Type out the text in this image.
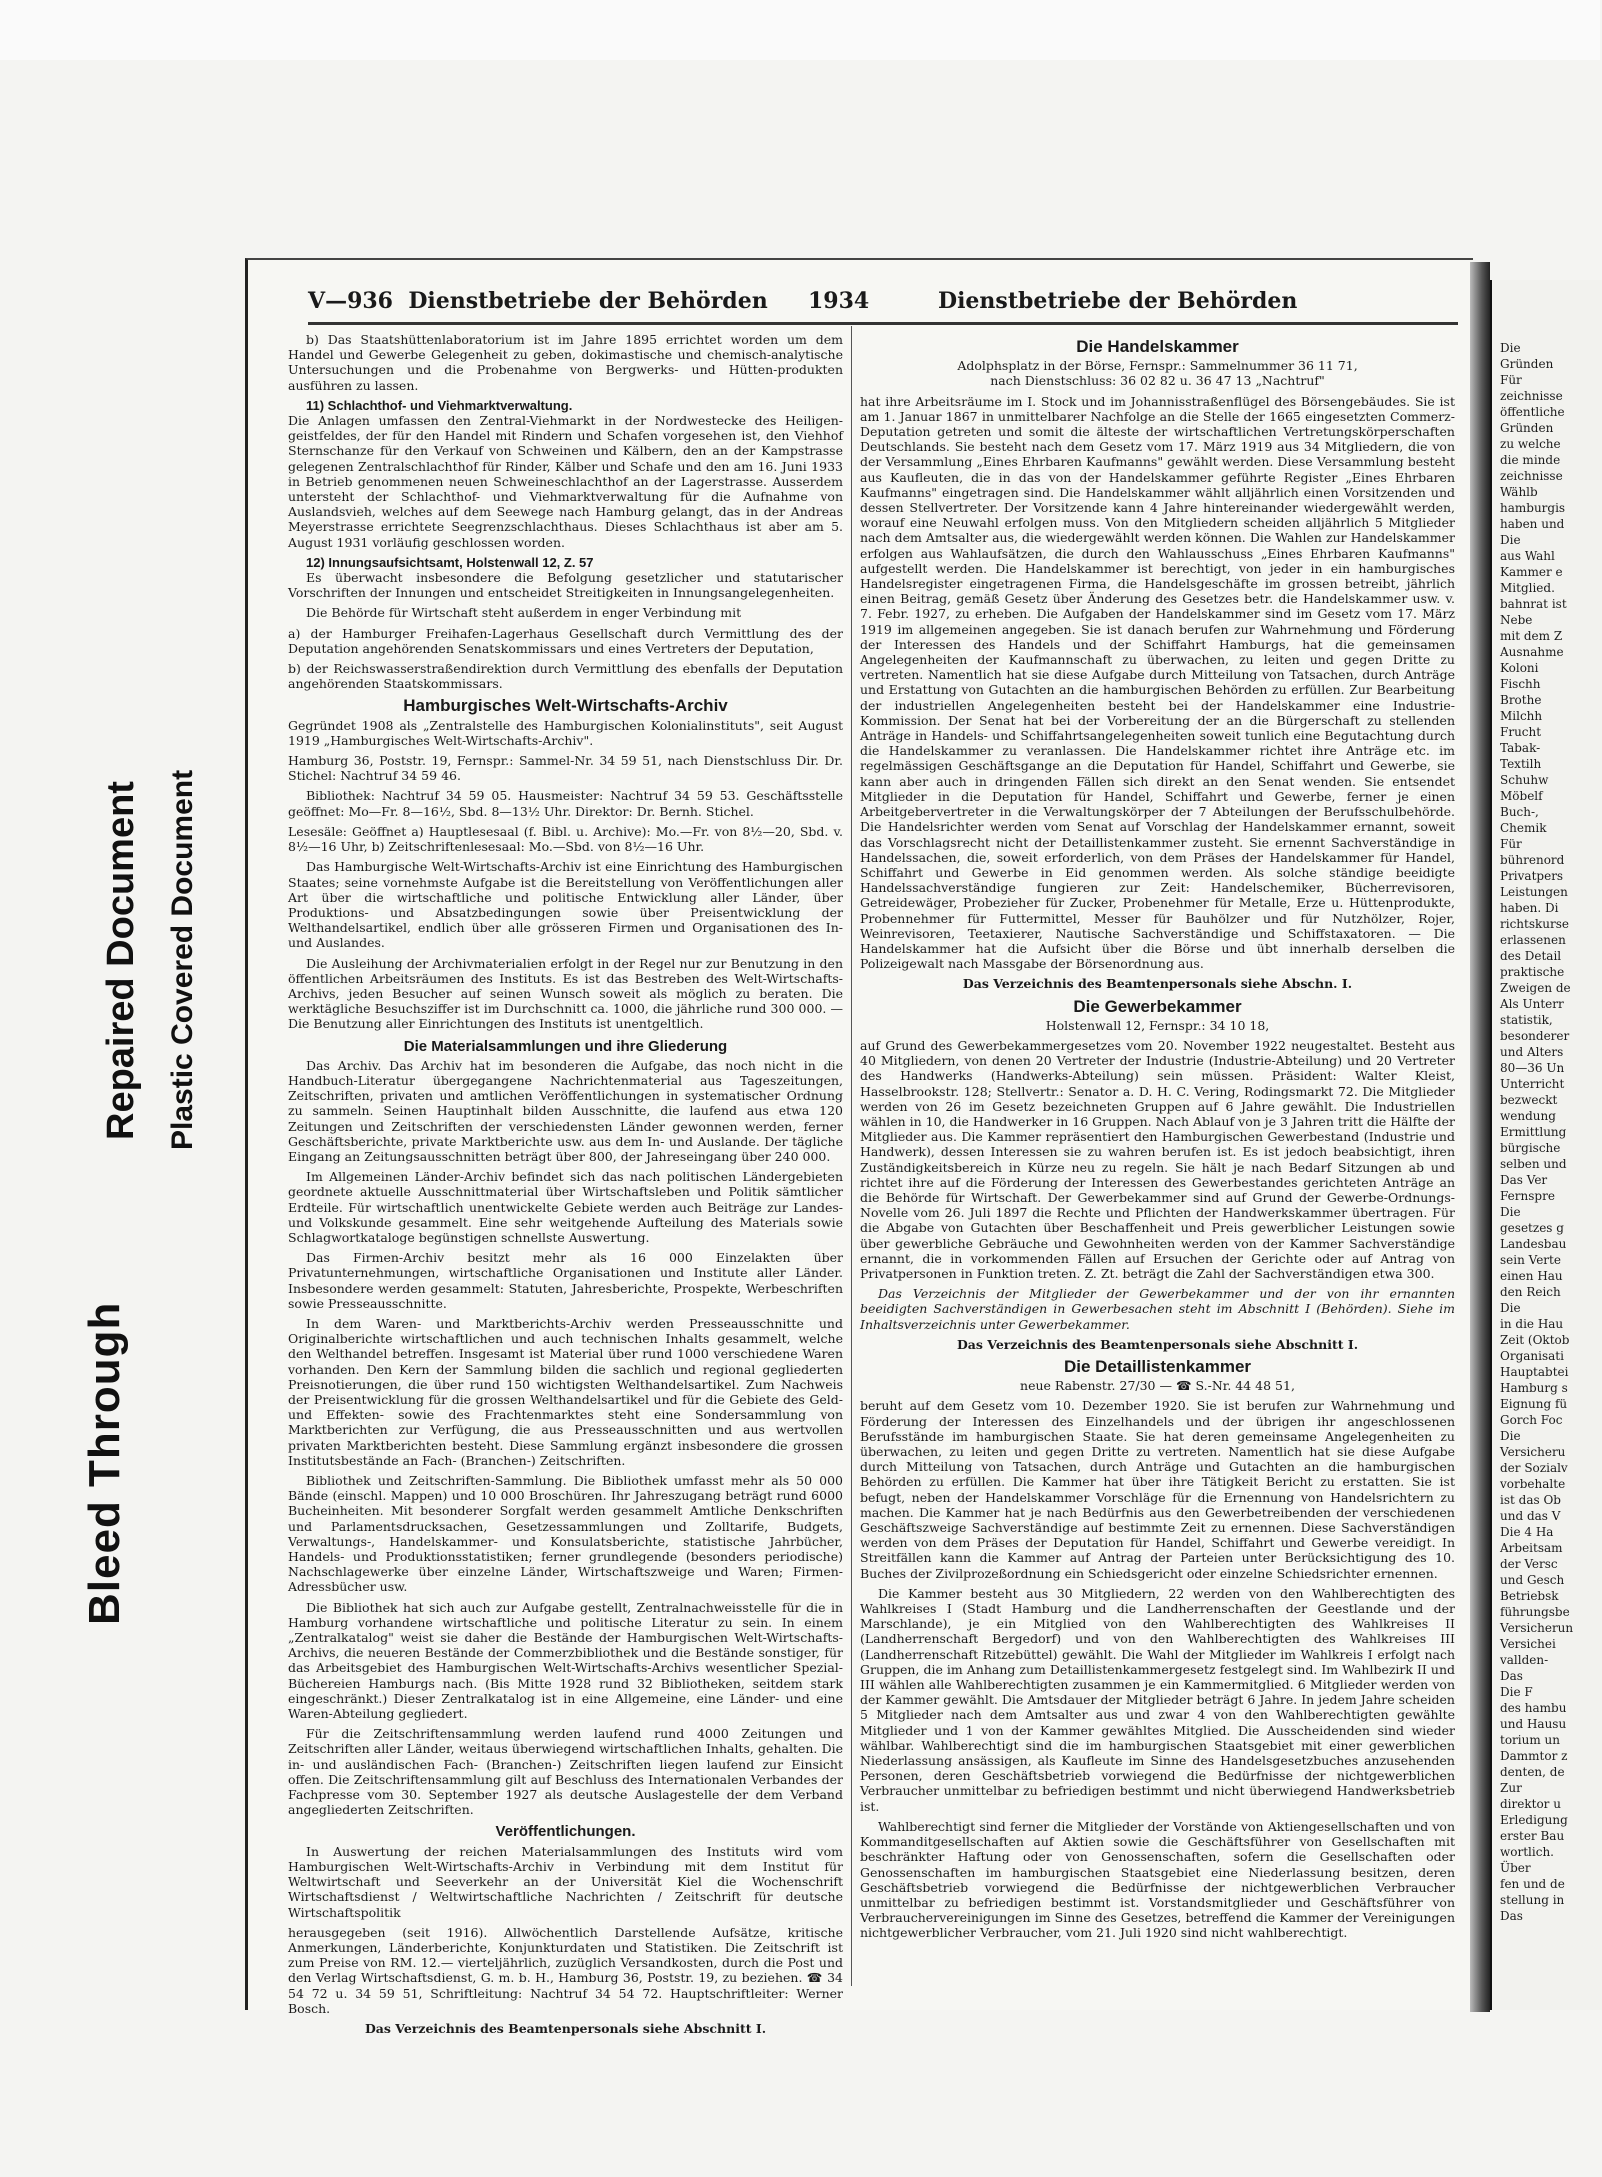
Bleed Through
Repaired Document Plastic Covered Document
V—936 Dienstbetriebe der Behörden 1934	Dienstbetriebe der Behörden

b) Das Staatshüttenlaboratorium ist im Jahre 1895 errichtet worden um dem Handel und Gewerbe Gelegenheit zu geben, dokimastische und chemisch-analytische Untersuchungen und die Probenahme von Bergwerks- und Hütten-produkten ausführen zu lassen.

11) Schlachthof- und Viehmarktverwaltung.

Die Anlagen umfassen den Zentral-Viehmarkt in der Nordwestecke des Heiligen-geistfeldes, der für den Handel mit Rindern und Schafen vorgesehen ist, den Viehhof Sternschanze für den Verkauf von Schweinen und Kälbern, den an der Kampstrasse gelegenen Zentralschlachthof für Rinder, Kälber und Schafe und den am 16. Juni 1933 in Betrieb genommenen neuen Schweineschlachthof an der Lagerstrasse. Ausserdem untersteht der Schlachthof- und Viehmarktverwaltung für die Aufnahme von Auslandsvieh, welches auf dem Seewege nach Hamburg gelangt, das in der Andreas Meyerstrasse errichtete Seegrenzschlachthaus. Dieses Schlachthaus ist aber am 5. August 1931 vorläufig geschlossen worden.

12) Innungsaufsichtsamt, Holstenwall 12, Z. 57

Es überwacht insbesondere die Befolgung gesetzlicher und statutarischer Vorschriften der Innungen und entscheidet Streitigkeiten in Innungsangelegenheiten.

Die Behörde für Wirtschaft steht außerdem in enger Verbindung mit

a) der Hamburger Freihafen-Lagerhaus Gesellschaft durch Vermittlung des der Deputation angehörenden Senatskommissars und eines Vertreters der Deputation,

b) der Reichswasserstraßendirektion durch Vermittlung des ebenfalls der Deputation angehörenden Staatskommissars.

Hamburgisches Welt-Wirtschafts-Archiv

Gegründet 1908 als „Zentralstelle des Hamburgischen Kolonialinstituts", seit August 1919 „Hamburgisches Welt-Wirtschafts-Archiv".

Hamburg 36, Poststr. 19, Fernspr.: Sammel-Nr. 34 59 51, nach Dienstschluss Dir. Dr. Stichel: Nachtruf 34 59 46.

Bibliothek: Nachtruf 34 59 05. Hausmeister: Nachtruf 34 59 53. Geschäftsstelle geöffnet: Mo—Fr. 8—16½, Sbd. 8—13½ Uhr. Direktor: Dr. Bernh. Stichel.

Lesesäle: Geöffnet a) Hauptlesesaal (f. Bibl. u. Archive): Mo.—Fr. von 8½—20, Sbd. v. 8½—16 Uhr, b) Zeitschriftenlesesaal: Mo.—Sbd. von 8½—16 Uhr.

Das Hamburgische Welt-Wirtschafts-Archiv ist eine Einrichtung des Hamburgischen Staates; seine vornehmste Aufgabe ist die Bereitstellung von Veröffentlichungen aller Art über die wirtschaftliche und politische Entwicklung aller Länder, über Produktions- und Absatzbedingungen sowie über Preisentwicklung der Welthandelsartikel, endlich über alle grösseren Firmen und Organisationen des In- und Auslandes.

Die Ausleihung der Archivmaterialien erfolgt in der Regel nur zur Benutzung in den öffentlichen Arbeitsräumen des Instituts. Es ist das Bestreben des Welt-Wirtschafts-Archivs, jeden Besucher auf seinen Wunsch soweit als möglich zu beraten. Die werktägliche Besuchsziffer ist im Durchschnitt ca. 1000, die jährliche rund 300 000. — Die Benutzung aller Einrichtungen des Instituts ist unentgeltlich.

Die Materialsammlungen und ihre Gliederung

Das Archiv. Das Archiv hat im besonderen die Aufgabe, das noch nicht in die Handbuch-Literatur übergegangene Nachrichtenmaterial aus Tageszeitungen, Zeitschriften, privaten und amtlichen Veröffentlichungen in systematischer Ordnung zu sammeln. Seinen Hauptinhalt bilden Ausschnitte, die laufend aus etwa 120 Zeitungen und Zeitschriften der verschiedensten Länder gewonnen werden, ferner Geschäftsberichte, private Marktberichte usw. aus dem In- und Auslande. Der tägliche Eingang an Zeitungsausschnitten beträgt über 800, der Jahreseingang über 240 000.

Im Allgemeinen Länder-Archiv befindet sich das nach politischen Ländergebieten geordnete aktuelle Ausschnittmaterial über Wirtschaftsleben und Politik sämtlicher Erdteile. Für wirtschaftlich unentwickelte Gebiete werden auch Beiträge zur Landes- und Volkskunde gesammelt. Eine sehr weitgehende Aufteilung des Materials sowie Schlagwortkataloge begünstigen schnellste Auswertung.

Das Firmen-Archiv besitzt mehr als 16 000 Einzelakten über Privatunternehmungen, wirtschaftliche Organisationen und Institute aller Länder. Insbesondere werden gesammelt: Statuten, Jahresberichte, Prospekte, Werbeschriften sowie Presseausschnitte.

In dem Waren- und Marktberichts-Archiv werden Presseausschnitte und Originalberichte wirtschaftlichen und auch technischen Inhalts gesammelt, welche den Welthandel betreffen. Insgesamt ist Material über rund 1000 verschiedene Waren vorhanden. Den Kern der Sammlung bilden die sachlich und regional gegliederten Preisnotierungen, die über rund 150 wichtigsten Welthandelsartikel. Zum Nachweis der Preisentwicklung für die grossen Welthandelsartikel und für die Gebiete des Geld- und Effekten- sowie des Frachtenmarktes steht eine Sondersammlung von Marktberichten zur Verfügung, die aus Presseausschnitten und aus wertvollen privaten Marktberichten besteht. Diese Sammlung ergänzt insbesondere die grossen Institutsbestände an Fach- (Branchen-) Zeitschriften.

Bibliothek und Zeitschriften-Sammlung. Die Bibliothek umfasst mehr als 50 000 Bände (einschl. Mappen) und 10 000 Broschüren. Ihr Jahreszugang beträgt rund 6000 Bucheinheiten. Mit besonderer Sorgfalt werden gesammelt Amtliche Denkschriften und Parlamentsdrucksachen, Gesetzessammlungen und Zolltarife, Budgets, Verwaltungs-, Handelskammer- und Konsulatsberichte, statistische Jahrbücher, Handels- und Produktionsstatistiken; ferner grundlegende (besonders periodische) Nachschlagewerke über einzelne Länder, Wirtschaftszweige und Waren; Firmen-Adressbücher usw.

Die Bibliothek hat sich auch zur Aufgabe gestellt, Zentralnachweisstelle für die in Hamburg vorhandene wirtschaftliche und politische Literatur zu sein. In einem „Zentralkatalog" weist sie daher die Bestände der Hamburgischen Welt-Wirtschafts-Archivs, die neueren Bestände der Commerzbibliothek und die Bestände sonstiger, für das Arbeitsgebiet des Hamburgischen Welt-Wirtschafts-Archivs wesentlicher Spezial-Büchereien Hamburgs nach. (Bis Mitte 1928 rund 32 Bibliotheken, seitdem stark eingeschränkt.) Dieser Zentralkatalog ist in eine Allgemeine, eine Länder- und eine Waren-Abteilung gegliedert.

Für die Zeitschriftensammlung werden laufend rund 4000 Zeitungen und Zeitschriften aller Länder, weitaus überwiegend wirtschaftlichen Inhalts, gehalten. Die in- und ausländischen Fach- (Branchen-) Zeitschriften liegen laufend zur Einsicht offen. Die Zeitschriftensammlung gilt auf Beschluss des Internationalen Verbandes der Fachpresse vom 30. September 1927 als deutsche Auslagestelle der dem Verband angegliederten Zeitschriften.

Veröffentlichungen.

In Auswertung der reichen Materialsammlungen des Instituts wird vom Hamburgischen Welt-Wirtschafts-Archiv in Verbindung mit dem Institut für Weltwirtschaft und Seeverkehr an der Universität Kiel die Wochenschrift Wirtschaftsdienst / Weltwirtschaftliche Nachrichten / Zeitschrift für deutsche Wirtschaftspolitik

herausgegeben (seit 1916). Allwöchentlich Darstellende Aufsätze, kritische Anmerkungen, Länderberichte, Konjunkturdaten und Statistiken. Die Zeitschrift ist zum Preise von RM. 12.— vierteljährlich, zuzüglich Versandkosten, durch die Post und den Verlag Wirtschaftsdienst, G. m. b. H., Hamburg 36, Poststr. 19, zu beziehen. ☎ 34 54 72 u. 34 59 51, Schriftleitung: Nachtruf 34 54 72. Hauptschriftleiter: Werner Bosch.

Das Verzeichnis des Beamtenpersonals siehe Abschnitt I.

Die Handelskammer

Adolphsplatz in der Börse, Fernspr.: Sammelnummer 36 11 71,

nach Dienstschluss: 36 02 82 u. 36 47 13 „Nachtruf"

hat ihre Arbeitsräume im I. Stock und im Johannisstraßenflügel des Börsengebäudes. Sie ist am 1. Januar 1867 in unmittelbarer Nachfolge an die Stelle der 1665 eingesetzten Commerz-Deputation getreten und somit die älteste der wirtschaftlichen Vertretungskörperschaften Deutschlands. Sie besteht nach dem Gesetz vom 17. März 1919 aus 34 Mitgliedern, die von der Versammlung „Eines Ehrbaren Kaufmanns" gewählt werden. Diese Versammlung besteht aus Kaufleuten, die in das von der Handelskammer geführte Register „Eines Ehrbaren Kaufmanns" eingetragen sind. Die Handelskammer wählt alljährlich einen Vorsitzenden und dessen Stellvertreter. Der Vorsitzende kann 4 Jahre hintereinander wiedergewählt werden, worauf eine Neuwahl erfolgen muss. Von den Mitgliedern scheiden alljährlich 5 Mitglieder nach dem Amtsalter aus, die wiedergewählt werden können. Die Wahlen zur Handelskammer erfolgen aus Wahlaufsätzen, die durch den Wahlausschuss „Eines Ehrbaren Kaufmanns" aufgestellt werden. Die Handelskammer ist berechtigt, von jeder in ein hamburgisches Handelsregister eingetragenen Firma, die Handelsgeschäfte im grossen betreibt, jährlich einen Beitrag, gemäß Gesetz über Änderung des Gesetzes betr. die Handelskammer usw. v. 7. Febr. 1927, zu erheben. Die Aufgaben der Handelskammer sind im Gesetz vom 17. März 1919 im allgemeinen angegeben. Sie ist danach berufen zur Wahrnehmung und Förderung der Interessen des Handels und der Schiffahrt Hamburgs, hat die gemeinsamen Angelegenheiten der Kaufmannschaft zu überwachen, zu leiten und gegen Dritte zu vertreten. Namentlich hat sie diese Aufgabe durch Mitteilung von Tatsachen, durch Anträge und Erstattung von Gutachten an die hamburgischen Behörden zu erfüllen. Zur Bearbeitung der industriellen Angelegenheiten besteht bei der Handelskammer eine Industrie-Kommission. Der Senat hat bei der Vorbereitung der an die Bürgerschaft zu stellenden Anträge in Handels- und Schiffahrtsangelegenheiten soweit tunlich eine Begutachtung durch die Handelskammer zu veranlassen. Die Handelskammer richtet ihre Anträge etc. im regelmässigen Geschäftsgange an die Deputation für Handel, Schiffahrt und Gewerbe, sie kann aber auch in dringenden Fällen sich direkt an den Senat wenden. Sie entsendet Mitglieder in die Deputation für Handel, Schiffahrt und Gewerbe, ferner je einen Arbeitgebervertreter in die Verwaltungskörper der 7 Abteilungen der Berufsschulbehörde. Die Handelsrichter werden vom Senat auf Vorschlag der Handelskammer ernannt, soweit das Vorschlagsrecht nicht der Detaillistenkammer zusteht. Sie ernennt Sachverständige in Handelssachen, die, soweit erforderlich, von dem Präses der Handelskammer für Handel, Schiffahrt und Gewerbe in Eid genommen werden. Als solche ständige beeidigte Handelssachverständige fungieren zur Zeit: Handelschemiker, Bücherrevisoren, Getreidewäger, Probezieher für Zucker, Probenehmer für Metalle, Erze u. Hüttenprodukte, Probennehmer für Futtermittel, Messer für Bauhölzer und für Nutzhölzer, Rojer, Weinrevisoren, Teetaxierer, Nautische Sachverständige und Schiffstaxatoren. — Die Handelskammer hat die Aufsicht über die Börse und übt innerhalb derselben die Polizeigewalt nach Massgabe der Börsenordnung aus.

Das Verzeichnis des Beamtenpersonals siehe Abschn. I.

Die Gewerbekammer

Holstenwall 12, Fernspr.: 34 10 18,

auf Grund des Gewerbekammergesetzes vom 20. November 1922 neugestaltet. Besteht aus 40 Mitgliedern, von denen 20 Vertreter der Industrie (Industrie-Abteilung) und 20 Vertreter des Handwerks (Handwerks-Abteilung) sein müssen. Präsident: Walter Kleist, Hasselbrookstr. 128; Stellvertr.: Senator a. D. H. C. Vering, Rodingsmarkt 72. Die Mitglieder werden von 26 im Gesetz bezeichneten Gruppen auf 6 Jahre gewählt. Die Industriellen wählen in 10, die Handwerker in 16 Gruppen. Nach Ablauf von je 3 Jahren tritt die Hälfte der Mitglieder aus. Die Kammer repräsentiert den Hamburgischen Gewerbestand (Industrie und Handwerk), dessen Interessen sie zu wahren berufen ist. Es ist jedoch beabsichtigt, ihren Zuständigkeitsbereich in Kürze neu zu regeln. Sie hält je nach Bedarf Sitzungen ab und richtet ihre auf die Förderung der Interessen des Gewerbestandes gerichteten Anträge an die Behörde für Wirtschaft. Der Gewerbekammer sind auf Grund der Gewerbe-Ordnungs-Novelle vom 26. Juli 1897 die Rechte und Pflichten der Handwerkskammer übertragen. Für die Abgabe von Gutachten über Beschaffenheit und Preis gewerblicher Leistungen sowie über gewerbliche Gebräuche und Gewohnheiten werden von der Kammer Sachverständige ernannt, die in vorkommenden Fällen auf Ersuchen der Gerichte oder auf Antrag von Privatpersonen in Funktion treten. Z. Zt. beträgt die Zahl der Sachverständigen etwa 300.

Das Verzeichnis der Mitglieder der Gewerbekammer und der von ihr ernannten beeidigten Sachverständigen in Gewerbesachen steht im Abschnitt I (Behörden). Siehe im Inhaltsverzeichnis unter Gewerbekammer.

Das Verzeichnis des Beamtenpersonals siehe Abschnitt I.

Die Detaillistenkammer

neue Rabenstr. 27/30 — ☎ S.-Nr. 44 48 51,

beruht auf dem Gesetz vom 10. Dezember 1920. Sie ist berufen zur Wahrnehmung und Förderung der Interessen des Einzelhandels und der übrigen ihr angeschlossenen Berufsstände im hamburgischen Staate. Sie hat deren gemeinsame Angelegenheiten zu überwachen, zu leiten und gegen Dritte zu vertreten. Namentlich hat sie diese Aufgabe durch Mitteilung von Tatsachen, durch Anträge und Gutachten an die hamburgischen Behörden zu erfüllen. Die Kammer hat über ihre Tätigkeit Bericht zu erstatten. Sie ist befugt, neben der Handelskammer Vorschläge für die Ernennung von Handelsrichtern zu machen. Die Kammer hat je nach Bedürfnis aus den Gewerbetreibenden der verschiedenen Geschäftszweige Sachverständige auf bestimmte Zeit zu ernennen. Diese Sachverständigen werden von dem Präses der Deputation für Handel, Schiffahrt und Gewerbe vereidigt. In Streitfällen kann die Kammer auf Antrag der Parteien unter Berücksichtigung des 10. Buches der Zivilprozeßordnung ein Schiedsgericht oder einzelne Schiedsrichter ernennen.

Die Kammer besteht aus 30 Mitgliedern, 22 werden von den Wahlberechtigten des Wahlkreises I (Stadt Hamburg und die Landherrenschaften der Geestlande und der Marschlande), je ein Mitglied von den Wahlberechtigten des Wahlkreises II (Landherrenschaft Bergedorf) und von den Wahlberechtigten des Wahlkreises III (Landherrenschaft Ritzebüttel) gewählt. Die Wahl der Mitglieder im Wahlkreis I erfolgt nach Gruppen, die im Anhang zum Detaillistenkammergesetz festgelegt sind. Im Wahlbezirk II und III wählen alle Wahlberechtigten zusammen je ein Kammermitglied. 6 Mitglieder werden von der Kammer gewählt. Die Amtsdauer der Mitglieder beträgt 6 Jahre. In jedem Jahre scheiden 5 Mitglieder nach dem Amtsalter aus und zwar 4 von den Wahlberechtigten gewählte Mitglieder und 1 von der Kammer gewähltes Mitglied. Die Ausscheidenden sind wieder wählbar. Wahlberechtigt sind die im hamburgischen Staatsgebiet mit einer gewerblichen Niederlassung ansässigen, als Kaufleute im Sinne des Handelsgesetzbuches anzusehenden Personen, deren Geschäftsbetrieb vorwiegend die Bedürfnisse der nichtgewerblichen Verbraucher unmittelbar zu befriedigen bestimmt und nicht überwiegend Handwerksbetrieb ist.

Wahlberechtigt sind ferner die Mitglieder der Vorstände von Aktiengesellschaften und von Kommanditgesellschaften auf Aktien sowie die Geschäftsführer von Gesellschaften mit beschränkter Haftung oder von Genossenschaften, sofern die Gesellschaften oder Genossenschaften im hamburgischen Staatsgebiet eine Niederlassung besitzen, deren Geschäftsbetrieb vorwiegend die Bedürfnisse der nichtgewerblichen Verbraucher unmittelbar zu befriedigen bestimmt ist. Vorstandsmitglieder und Geschäftsführer von Verbrauchervereinigungen im Sinne des Gesetzes, betreffend die Kammer der Vereinigungen nichtgewerblicher Verbraucher, vom 21. Juli 1920 sind nicht wahlberechtigt.

Die
Gründen
Für
zeichnisse
öffentliche
Gründen
zu welche
die minde
zeichnisse
Wählb
hamburgis
haben und
Die
aus Wahl
Kammer e
Mitglied.
bahnrat ist
Nebe
mit dem Z
Ausnahme
Koloni
Fischh
Brothe
Milchh
Frucht
Tabak-
Textilh
Schuhw
Möbelf
Buch-,
Chemik
Für
bührenord
Privatpers
Leistungen
haben. Di
richtskurse
erlassenen
des Detail
praktische
Zweigen de
Als Unterr
statistik,
besonderer
und Alters
80—36 Un
Unterricht
bezweckt
wendung
Ermittlung
bürgische
selben und
Das Ver
Fernspre
Die
gesetzes g
Landesbau
sein Verte
einen Hau
den Reich
Die
in die Hau
Zeit (Oktob
Organisati
Hauptabtei
Hamburg s
Eignung fü
Gorch Foc
Die
Versicheru
der Sozialv
vorbehalte
ist das Ob
und das V
Die 4 Ha
Arbeitsam
der Versc
und Gesch
Betriebsk
führungsbe
Versicherun
Versichei
vallden-
Das
Die F
des hambu
und Hausu
torium un
Dammtor z
denten, de
Zur
direktor u
Erledigung
erster Bau
wortlich.
Über
fen und de
stellung in
Das
